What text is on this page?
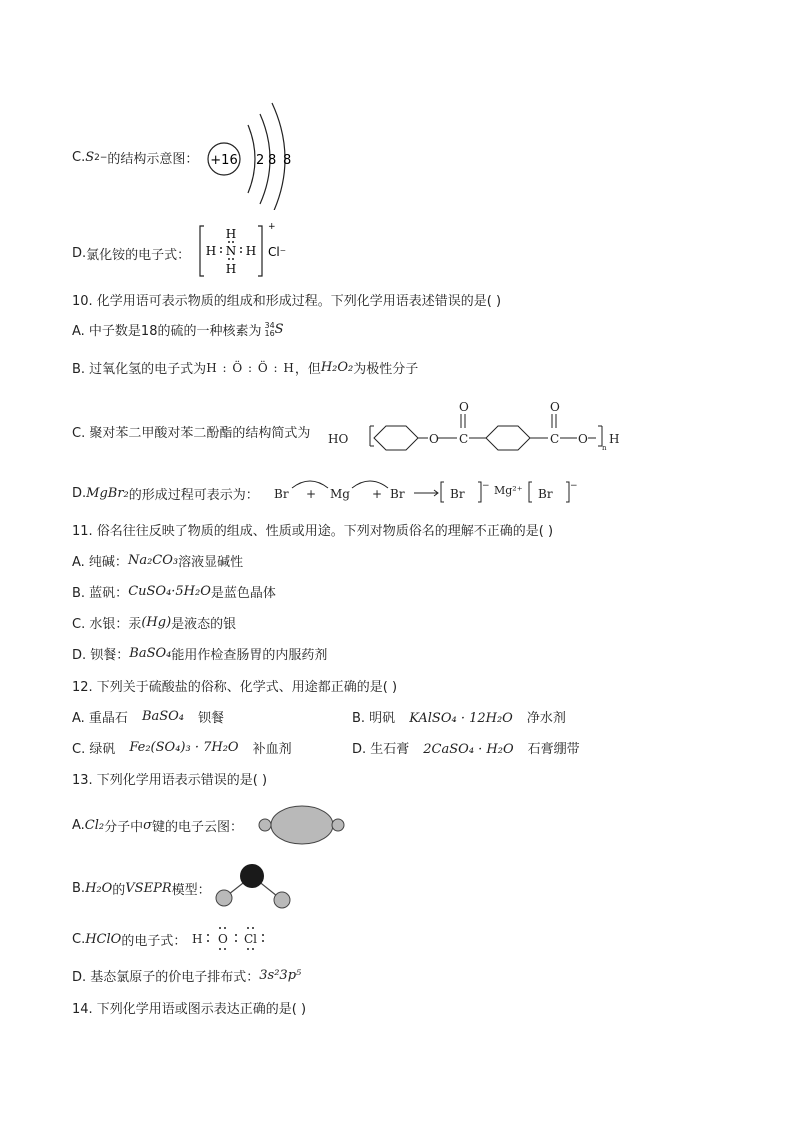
C. S 2− 的结构示意图： +16 2 8 8
D. 氯化铵的电子式：
+
H
H N H
H
Cl⁻
10. 化学用语可表示物质的组成和形成过程。下列化学用语表述错误的是( )
A. 中子数是18的硫的一种核素为 34
16 S
B. 过氧化氢的电子式为 H : Ö : Ö : H ，但 H₂O₂ 为极性分子
C. 聚对苯二甲酸对苯二酚酯的结构简式为 HO	O C
O
C
O
O H
n
D. MgBr₂ 的形成过程可表示为： Br + Mg + Br	Br
− Mg²⁺ Br
−
11. 俗名往往反映了物质的组成、性质或用途。下列对物质俗名的理解不正确的是( )
A. 纯碱： Na₂CO₃ 溶液显碱性
B. 蓝矾： CuSO₄·5H₂O 是蓝色晶体
C. 水银：汞 (Hg) 是液态的银
D. 钡餐： BaSO₄ 能用作检查肠胃的内服药剂
12. 下列关于硫酸盐的俗称、化学式、用途都正确的是( )
A. 重晶石 BaSO₄ 钡餐	B. 明矾 KAlSO₄ · 12H₂O 净水剂
C. 绿矾 Fe₂(SO₄)₃ · 7H₂O 补血剂	D. 生石膏 2CaSO₄ · H₂O 石膏绷带
13. 下列化学用语表示错误的是( )
A. Cl₂ 分子中 σ 键的电子云图：
B. H₂O 的 VSEPR 模型：
C. HClO 的电子式： H O Cl
D. 基态氯原子的价电子排布式： 3s²3p⁵
14. 下列化学用语或图示表达正确的是( )
